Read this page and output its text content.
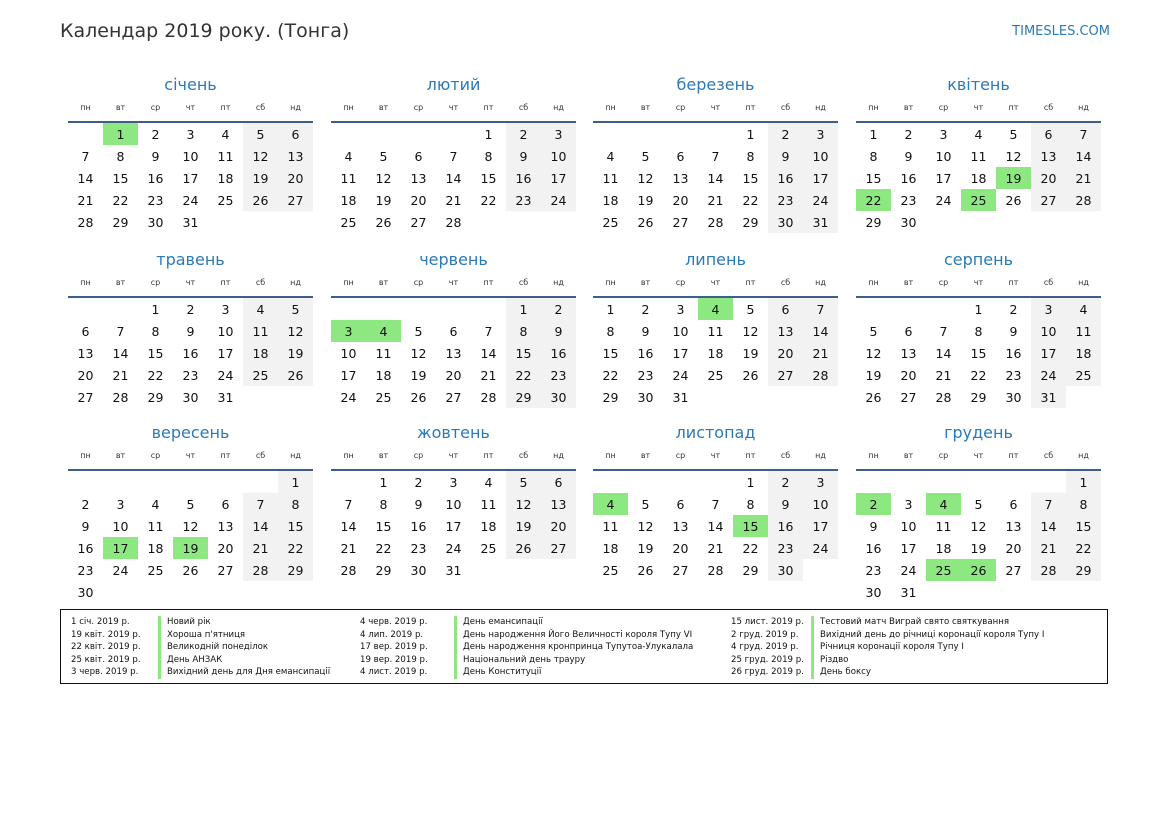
Календар 2019 року. (Тонга)	TIMESLES.COM
січень
пн	вт	ср	чт	пт	сб	нд
	1	2	3	4	5	6
7	8	9	10	11	12	13
14	15	16	17	18	19	20
21	22	23	24	25	26	27
28	29	30	31			
лютий
пн	вт	ср	чт	пт	сб	нд
				1	2	3
4	5	6	7	8	9	10
11	12	13	14	15	16	17
18	19	20	21	22	23	24
25	26	27	28			
березень
пн	вт	ср	чт	пт	сб	нд
				1	2	3
4	5	6	7	8	9	10
11	12	13	14	15	16	17
18	19	20	21	22	23	24
25	26	27	28	29	30	31
квітень
пн	вт	ср	чт	пт	сб	нд
1	2	3	4	5	6	7
8	9	10	11	12	13	14
15	16	17	18	19	20	21
22	23	24	25	26	27	28
29	30					
травень
пн	вт	ср	чт	пт	сб	нд
		1	2	3	4	5
6	7	8	9	10	11	12
13	14	15	16	17	18	19
20	21	22	23	24	25	26
27	28	29	30	31		
червень
пн	вт	ср	чт	пт	сб	нд
					1	2
3	4	5	6	7	8	9
10	11	12	13	14	15	16
17	18	19	20	21	22	23
24	25	26	27	28	29	30
липень
пн	вт	ср	чт	пт	сб	нд
1	2	3	4	5	6	7
8	9	10	11	12	13	14
15	16	17	18	19	20	21
22	23	24	25	26	27	28
29	30	31				
серпень
пн	вт	ср	чт	пт	сб	нд
			1	2	3	4
5	6	7	8	9	10	11
12	13	14	15	16	17	18
19	20	21	22	23	24	25
26	27	28	29	30	31	
вересень
пн	вт	ср	чт	пт	сб	нд
						1
2	3	4	5	6	7	8
9	10	11	12	13	14	15
16	17	18	19	20	21	22
23	24	25	26	27	28	29
30						
жовтень
пн	вт	ср	чт	пт	сб	нд
	1	2	3	4	5	6
7	8	9	10	11	12	13
14	15	16	17	18	19	20
21	22	23	24	25	26	27
28	29	30	31			
листопад
пн	вт	ср	чт	пт	сб	нд
				1	2	3
4	5	6	7	8	9	10
11	12	13	14	15	16	17
18	19	20	21	22	23	24
25	26	27	28	29	30	
грудень
пн	вт	ср	чт	пт	сб	нд
						1
2	3	4	5	6	7	8
9	10	11	12	13	14	15
16	17	18	19	20	21	22
23	24	25	26	27	28	29
30	31					
1 січ. 2019 р.	Новий рік
19 квіт. 2019 р.	Хороша п'ятниця
22 квіт. 2019 р.	Великодній понеділок
25 квіт. 2019 р.	День АНЗАК
3 черв. 2019 р.	Вихідний день для Дня емансипації
4 черв. 2019 р.	День емансипації
4 лип. 2019 р.	День народження Його Величності короля Тупу VI
17 вер. 2019 р.	День народження кронпринца Тупутоа-Улукалала
19 вер. 2019 р.	Національний день трауру
4 лист. 2019 р.	День Конституції
15 лист. 2019 р.	Тестовий матч Виграй свято святкування
2 груд. 2019 р.	Вихідний день до річниці коронації короля Тупу I
4 груд. 2019 р.	Річниця коронації короля Тупу I
25 груд. 2019 р.	Різдво
26 груд. 2019 р.	День боксу
